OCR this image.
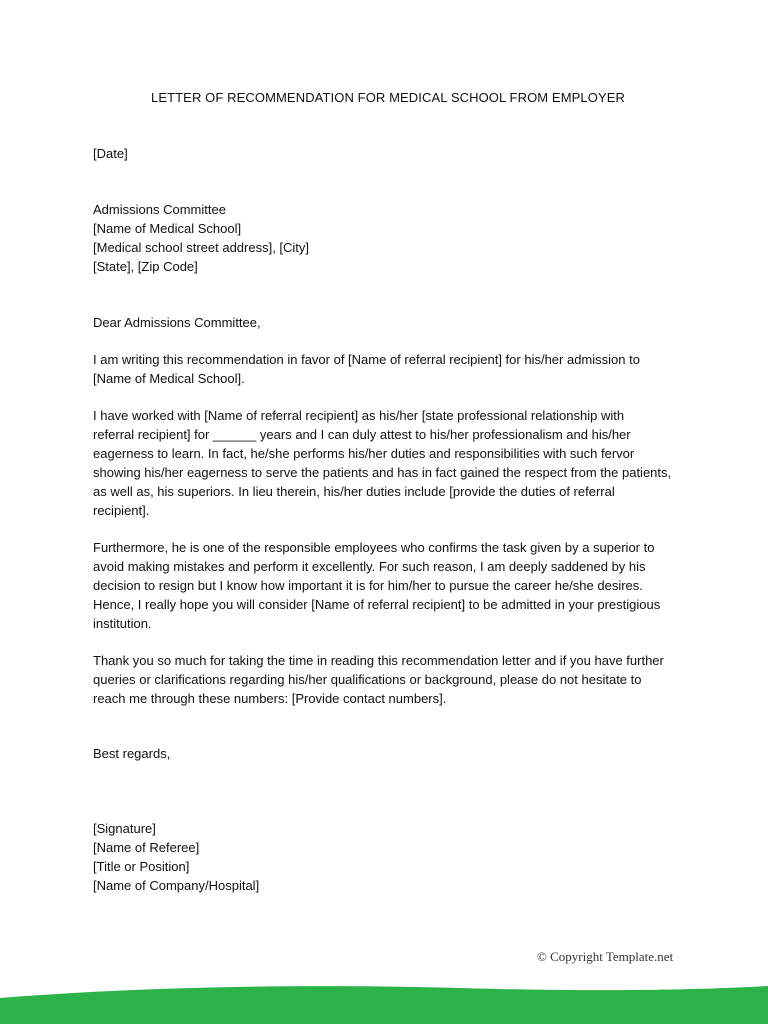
LETTER OF RECOMMENDATION FOR MEDICAL SCHOOL FROM EMPLOYER
[Date]
Admissions Committee
[Name of Medical School]
[Medical school street address], [City]
[State], [Zip Code]
Dear Admissions Committee,
I am writing this recommendation in favor of [Name of referral recipient] for his/her admission to
[Name of Medical School].
I have worked with [Name of referral recipient] as his/her [state professional relationship with
referral recipient] for ______ years and I can duly attest to his/her professionalism and his/her
eagerness to learn. In fact, he/she performs his/her duties and responsibilities with such fervor
showing his/her eagerness to serve the patients and has in fact gained the respect from the patients,
as well as, his superiors. In lieu therein, his/her duties include [provide the duties of referral
recipient].
Furthermore, he is one of the responsible employees who confirms the task given by a superior to
avoid making mistakes and perform it excellently. For such reason, I am deeply saddened by his
decision to resign but I know how important it is for him/her to pursue the career he/she desires.
Hence, I really hope you will consider [Name of referral recipient] to be admitted in your prestigious
institution.
Thank you so much for taking the time in reading this recommendation letter and if you have further
queries or clarifications regarding his/her qualifications or background, please do not hesitate to
reach me through these numbers: [Provide contact numbers].
Best regards,
[Signature]
[Name of Referee]
[Title or Position]
[Name of Company/Hospital]
© Copyright Template.net
